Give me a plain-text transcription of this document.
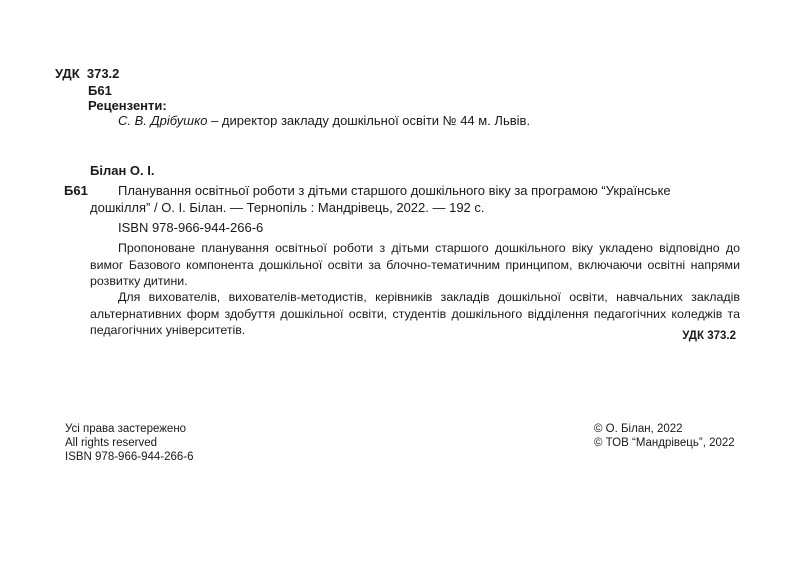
УДК 373.2
Б61
Рецензенти:
С. В. Дрібушко – директор закладу дошкільної освіти № 44 м. Львів.
Білан О. І.
Б61 Планування освітньої роботи з дітьми старшого дошкільного віку за програмою “Українське
дошкілля” / О. І. Білан. — Тернопіль : Мандрівець, 2022. — 192 с.
ISBN 978-966-944-266-6
Пропоноване планування освітньої роботи з дітьми старшого дошкільного віку укладено відповідно до вимог Базового компонента дошкільної освіти за блочно-тематичним принципом, включаючи освітні напрями розвитку дитини.
Для вихователів, вихователів-методистів, керівників закладів дошкільної освіти, навчальних закладів альтернативних форм здобуття дошкільної освіти, студентів дошкільного відділення педагогічних коледжів та педагогічних університетів.	УДК 373.2
Усі права застережено
All rights reserved
ISBN 978-966-944-266-6
© О. Білан, 2022
© ТОВ “Мандрівець”, 2022
